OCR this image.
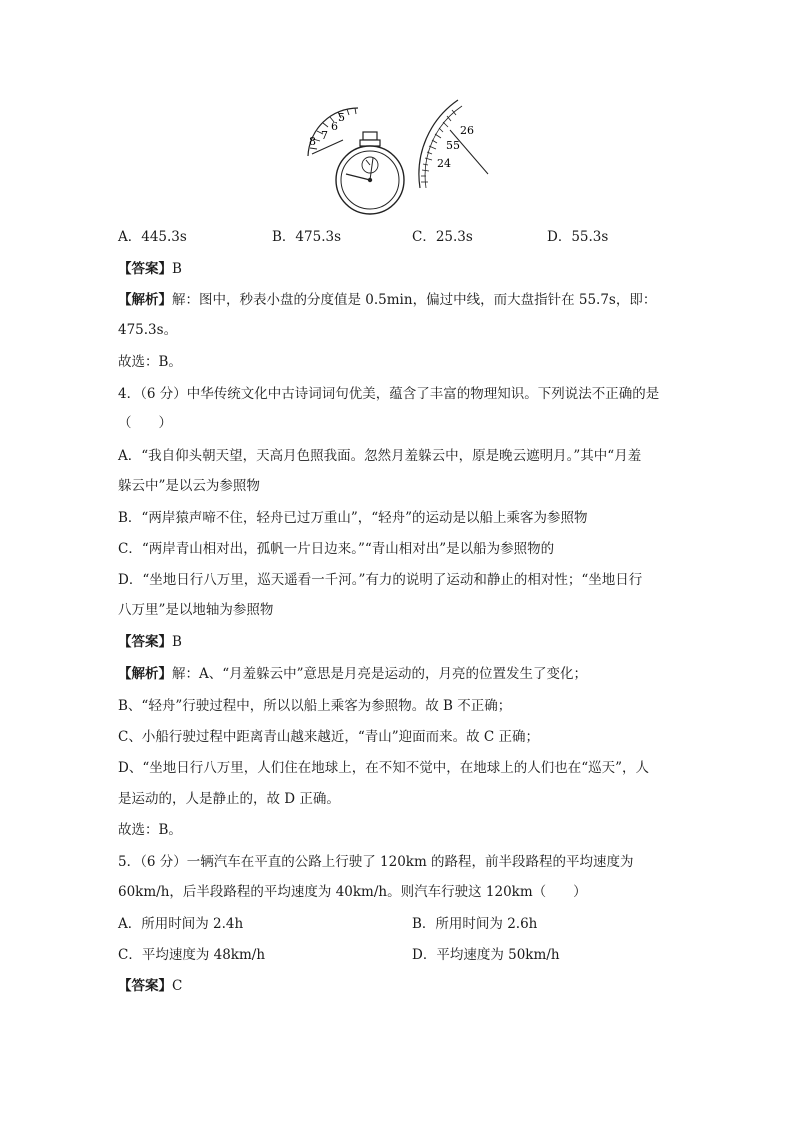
5
6
7
8
26
55
24
A．445.3s	B．475.3s	C．25.3s	D．55.3s
【答案】B
【解析】解：图中，秒表小盘的分度值是 0.5min，偏过中线，而大盘指针在 55.7s，即：
475.3s。
故选：B。
4．（6 分）中华传统文化中古诗词词句优美，蕴含了丰富的物理知识。下列说法不正确的是
（　　）
A．“我自仰头朝天望，天高月色照我面。忽然月羞躲云中，原是晚云遮明月。”其中“月羞
躲云中”是以云为参照物
B．“两岸猿声啼不住，轻舟已过万重山”，“轻舟”的运动是以船上乘客为参照物
C．“两岸青山相对出，孤帆一片日边来。”“青山相对出”是以船为参照物的
D．“坐地日行八万里，巡天遥看一千河。”有力的说明了运动和静止的相对性；“坐地日行
八万里”是以地轴为参照物
【答案】B
【解析】解：A、“月羞躲云中”意思是月亮是运动的，月亮的位置发生了变化；
B、“轻舟”行驶过程中，所以以船上乘客为参照物。故 B 不正确；
C、小船行驶过程中距离青山越来越近，“青山”迎面而来。故 C 正确；
D、“坐地日行八万里，人们住在地球上，在不知不觉中，在地球上的人们也在“巡天”，人
是运动的，人是静止的，故 D 正确。
故选：B。
5．（6 分）一辆汽车在平直的公路上行驶了 120km 的路程，前半段路程的平均速度为
60km/h，后半段路程的平均速度为 40km/h。则汽车行驶这 120km（　　）
A．所用时间为 2.4h	B．所用时间为 2.6h
C．平均速度为 48km/h	D．平均速度为 50km/h
【答案】C
